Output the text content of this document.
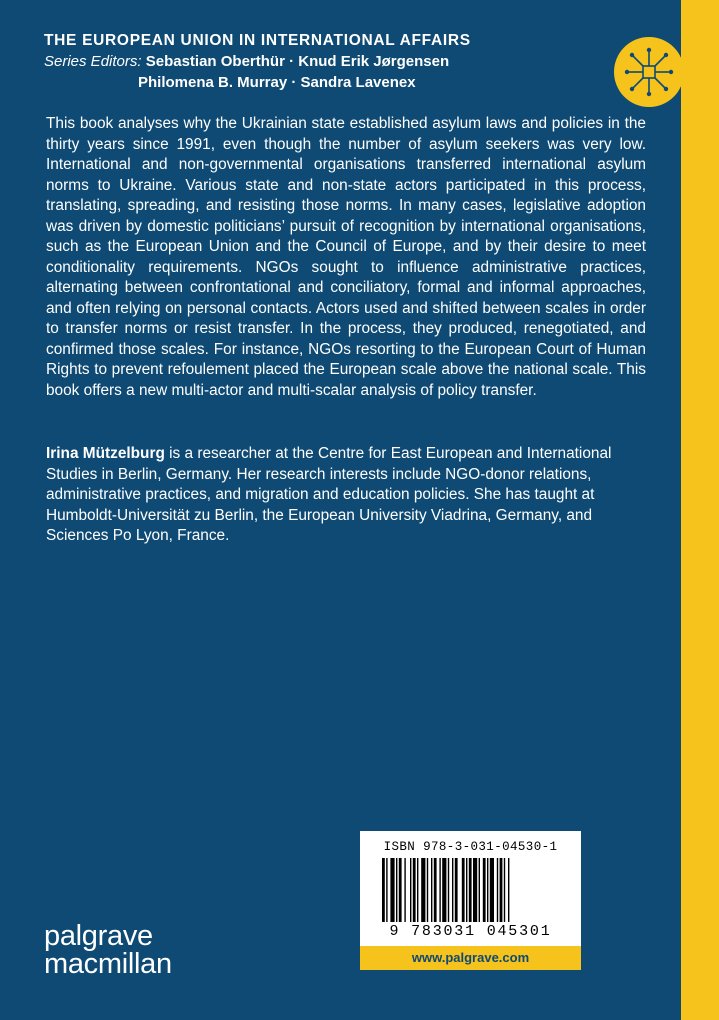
THE EUROPEAN UNION IN INTERNATIONAL AFFAIRS
Series Editors: Sebastian Oberthür · Knud Erik Jørgensen
Philomena B. Murray · Sandra Lavenex

This book analyses why the Ukrainian state established asylum laws and policies in the thirty years since 1991, even though the number of asylum seekers was very low. International and non-governmental organisations transferred international asylum norms to Ukraine. Various state and non-state actors participated in this process, translating, spreading, and resisting those norms. In many cases, legislative adoption was driven by domestic politicians’ pursuit of recognition by international organisations, such as the European Union and the Council of Europe, and by their desire to meet conditionality requirements. NGOs sought to influence administrative practices, alternating between confrontational and conciliatory, formal and informal approaches, and often relying on personal contacts. Actors used and shifted between scales in order to transfer norms or resist transfer. In the process, they produced, renegotiated, and confirmed those scales. For instance, NGOs resorting to the European Court of Human Rights to prevent refoulement placed the European scale above the national scale. This book offers a new multi-actor and multi-scalar analysis of policy transfer.

Irina Mützelburg is a researcher at the Centre for East European and International Studies in Berlin, Germany. Her research interests include NGO-donor relations, administrative practices, and migration and education policies. She has taught at Humboldt-Universität zu Berlin, the European University Viadrina, Germany, and Sciences Po Lyon, France.

ISBN 978-3-031-04530-1
9 783031 045301
www.palgrave.com
palgrave
macmillan
